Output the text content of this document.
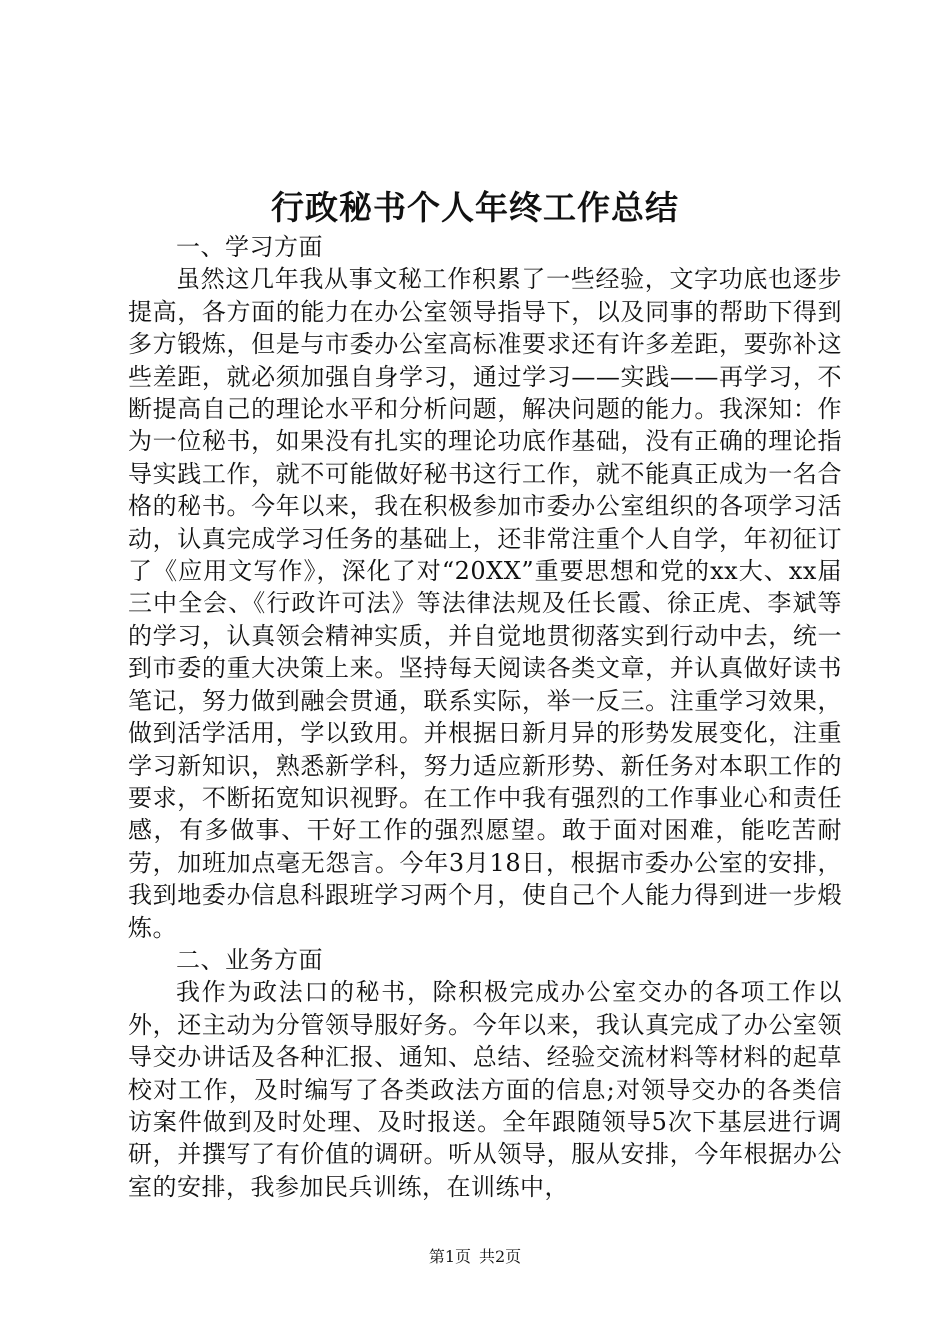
行政秘书个人年终工作总结

一、学习方面

虽然这几年我从事文秘工作积累了一些经验，文字功底也逐步提高，各方面的能力在办公室领导指导下，以及同事的帮助下得到多方锻炼，但是与市委办公室高标准要求还有许多差距，要弥补这些差距，就必须加强自身学习，通过学习——实践——再学习，不断提高自己的理论水平和分析问题，解决问题的能力。我深知：作为一位秘书，如果没有扎实的理论功底作基础，没有正确的理论指导实践工作，就不可能做好秘书这行工作，就不能真正成为一名合格的秘书。今年以来，我在积极参加市委办公室组织的各项学习活动，认真完成学习任务的基础上，还非常注重个人自学，年初征订了《应用文写作》，深化了对“20XX”重要思想和党的xx大、xx届三中全会、《行政许可法》等法律法规及任长霞、徐正虎、李斌等的学习，认真领会精神实质，并自觉地贯彻落实到行动中去，统一到市委的重大决策上来。坚持每天阅读各类文章，并认真做好读书笔记，努力做到融会贯通，联系实际，举一反三。注重学习效果，做到活学活用，学以致用。并根据日新月异的形势发展变化，注重学习新知识，熟悉新学科，努力适应新形势、新任务对本职工作的要求，不断拓宽知识视野。在工作中我有强烈的工作事业心和责任感，有多做事、干好工作的强烈愿望。敢于面对困难，能吃苦耐劳，加班加点毫无怨言。今年3月18日，根据市委办公室的安排，我到地委办信息科跟班学习两个月，使自己个人能力得到进一步煅炼。

二、业务方面

我作为政法口的秘书，除积极完成办公室交办的各项工作以外，还主动为分管领导服好务。今年以来，我认真完成了办公室领导交办讲话及各种汇报、通知、总结、经验交流材料等材料的起草校对工作，及时编写了各类政法方面的信息;对领导交办的各类信访案件做到及时处理、及时报送。全年跟随领导5次下基层进行调研，并撰写了有价值的调研。听从领导，服从安排，今年根据办公室的安排，我参加民兵训练，在训练中，

第1页 共2页
